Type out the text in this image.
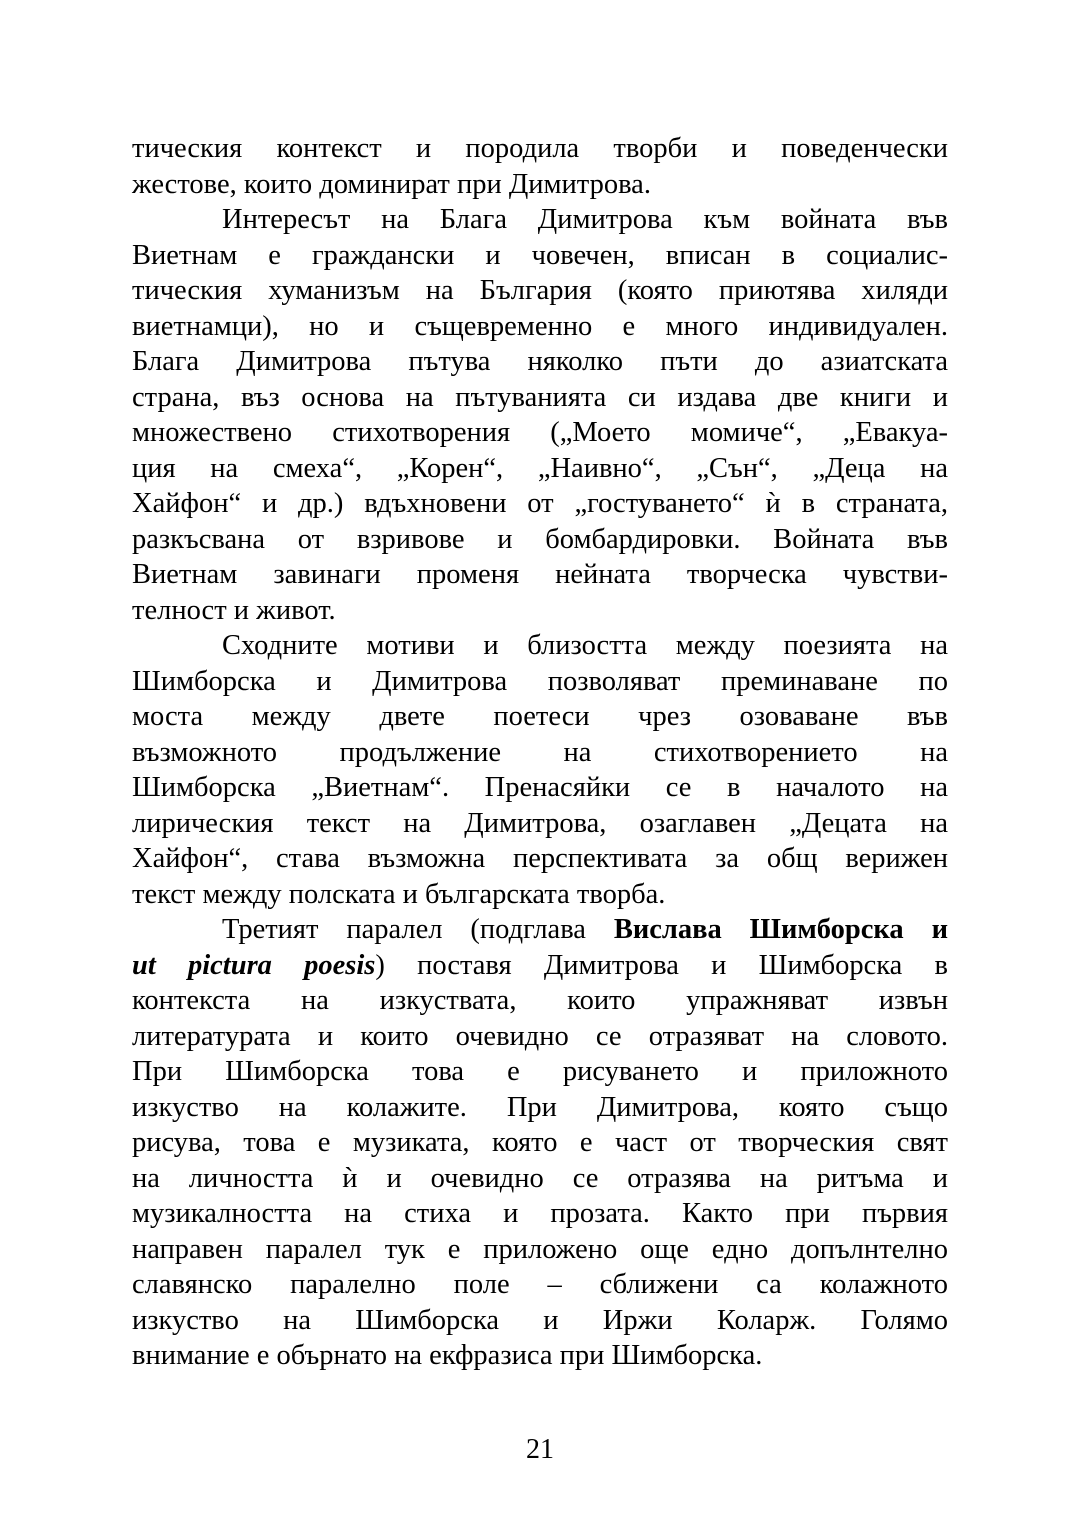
тическия контекст и породила творби и поведенчески
жестове, които доминират при Димитрова.
Интересът на Блага Димитрова към войната във
Виетнам е граждански и човечен, вписан в социалис-
тическия хуманизъм на България (която приютява хиляди
виетнамци), но и същевременно е много индивидуален.
Блага Димитрова пътува няколко пъти до азиатската
страна, въз основа на пътуванията си издава две книги и
множествено стихотворения („Моето момиче“, „Евакуа-
ция на смеха“, „Корен“, „Наивно“, „Сън“, „Деца на
Хайфон“ и др.) вдъхновени от „гостуването“ ѝ в страната,
разкъсвана от взривове и бомбардировки. Войната във
Виетнам завинаги променя нейната творческа чувстви-
телност и живот.
Сходните мотиви и близостта между поезията на
Шимборска и Димитрова позволяват преминаване по
моста между двете поетеси чрез озоваване във
възможното продължение на стихотворението на
Шимборска „Виетнам“. Пренасяйки се в началото на
лирическия текст на Димитрова, озаглавен „Децата на
Хайфон“, става възможна перспективата за общ верижен
текст между полската и българската творба.
Третият паралел (подглава Вислава Шимборска и
ut pictura poesis) поставя Димитрова и Шимборска в
контекста на изкуствата, които упражняват извън
литературата и които очевидно се отразяват на словото.
При Шимборска това е рисуването и приложното
изкуство на колажите. При Димитрова, която също
рисува, това е музиката, която е част от творческия свят
на личността ѝ и очевидно се отразява на ритъма и
музикалността на стиха и прозата. Както при първия
направен паралел тук е приложено още едно допълнтелно
славянско паралелно поле – сближени са колажното
изкуство на Шимборска и Иржи Коларж. Голямо
внимание е обърнато на екфразиса при Шимборска.
21
